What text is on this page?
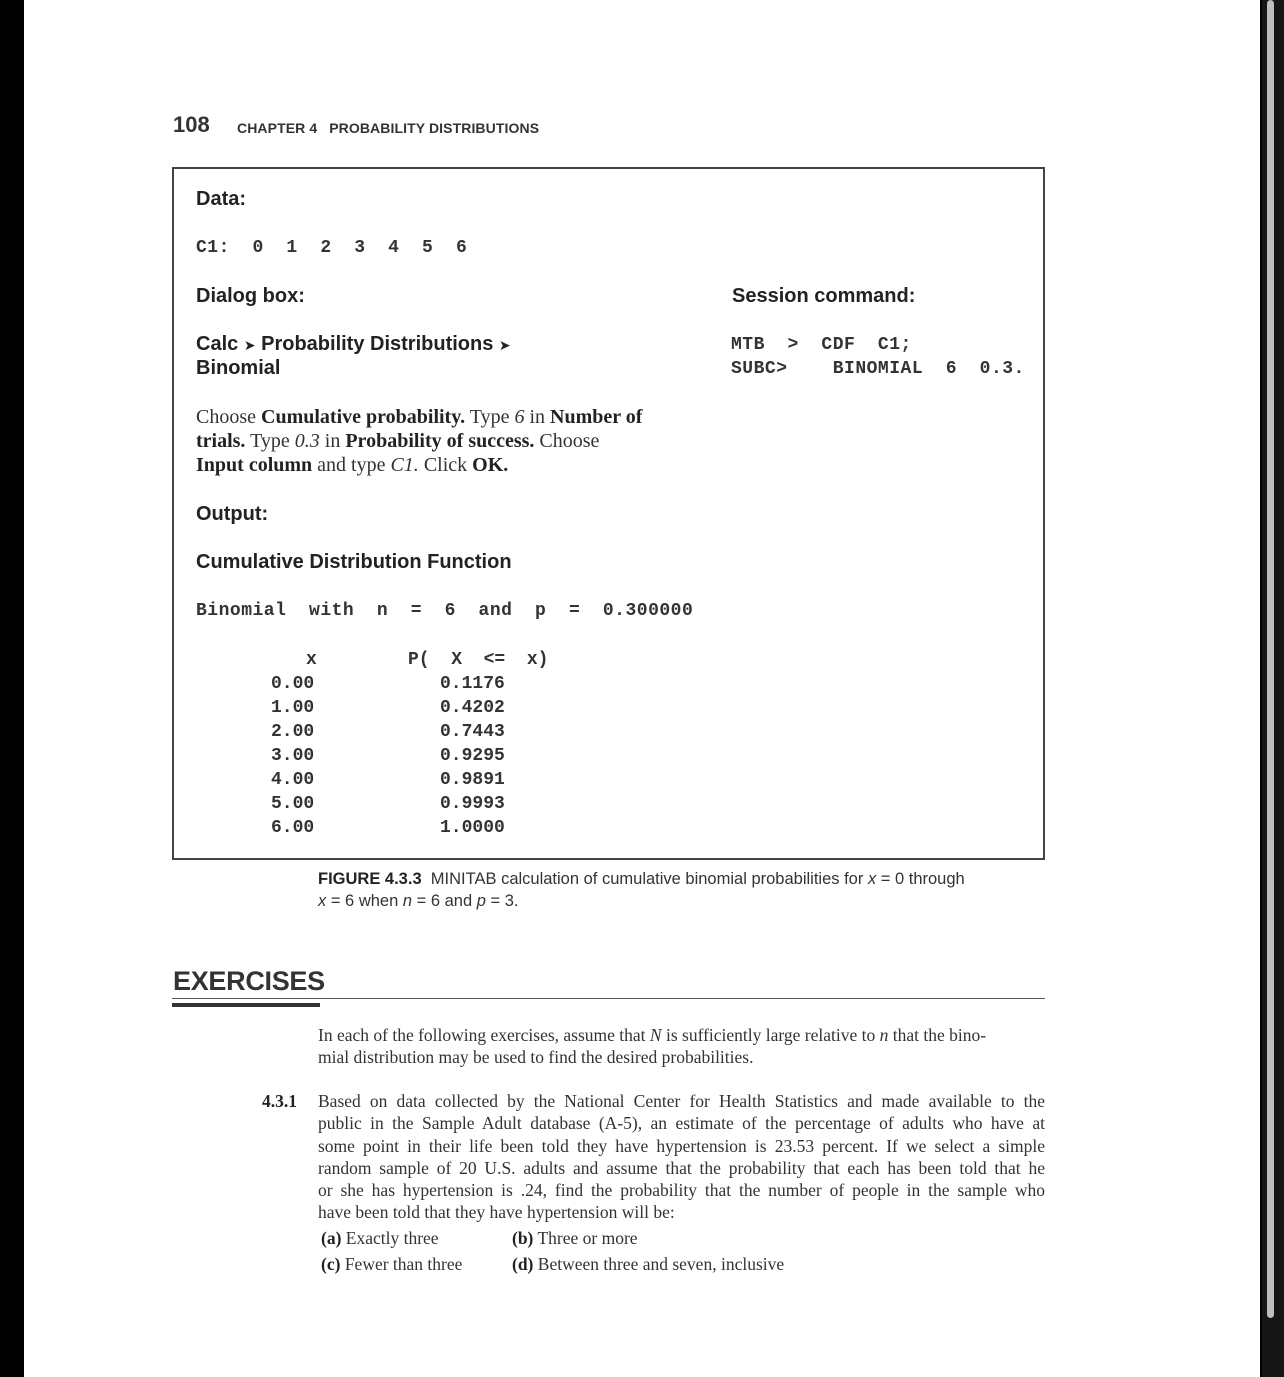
108 CHAPTER 4   PROBABILITY DISTRIBUTIONS
Data:
C1:  0  1  2  3  4  5  6
Dialog box:	Session command:
Calc ➤ Probability Distributions ➤
Binomial
MTB  >  CDF  C1;
SUBC>    BINOMIAL  6  0.3.
Choose Cumulative probability. Type 6 in Number of
trials. Type 0.3 in Probability of success. Choose
Input column and type C1. Click OK.
Output:
Cumulative Distribution Function
Binomial  with  n  =  6  and  p  =  0.300000
x	P(  X  <=  x)
0.00	0.1176
1.00	0.4202
2.00	0.7443
3.00	0.9295
4.00	0.9891
5.00	0.9993
6.00	1.0000
FIGURE 4.3.3  MINITAB calculation of cumulative binomial probabilities for x = 0 through
x = 6 when n = 6 and p = 3.
EXERCISES
In each of the following exercises, assume that N is sufficiently large relative to n that the bino-
mial distribution may be used to find the desired probabilities.
4.3.1 Based on data collected by the National Center for Health Statistics and made available to the
public in the Sample Adult database (A-5), an estimate of the percentage of adults who have at
some point in their life been told they have hypertension is 23.53 percent. If we select a simple
random sample of 20 U.S. adults and assume that the probability that each has been told that he
or she has hypertension is .24, find the probability that the number of people in the sample who
have been told that they have hypertension will be:
(a) Exactly three	(b) Three or more
(c) Fewer than three	(d) Between three and seven, inclusive
